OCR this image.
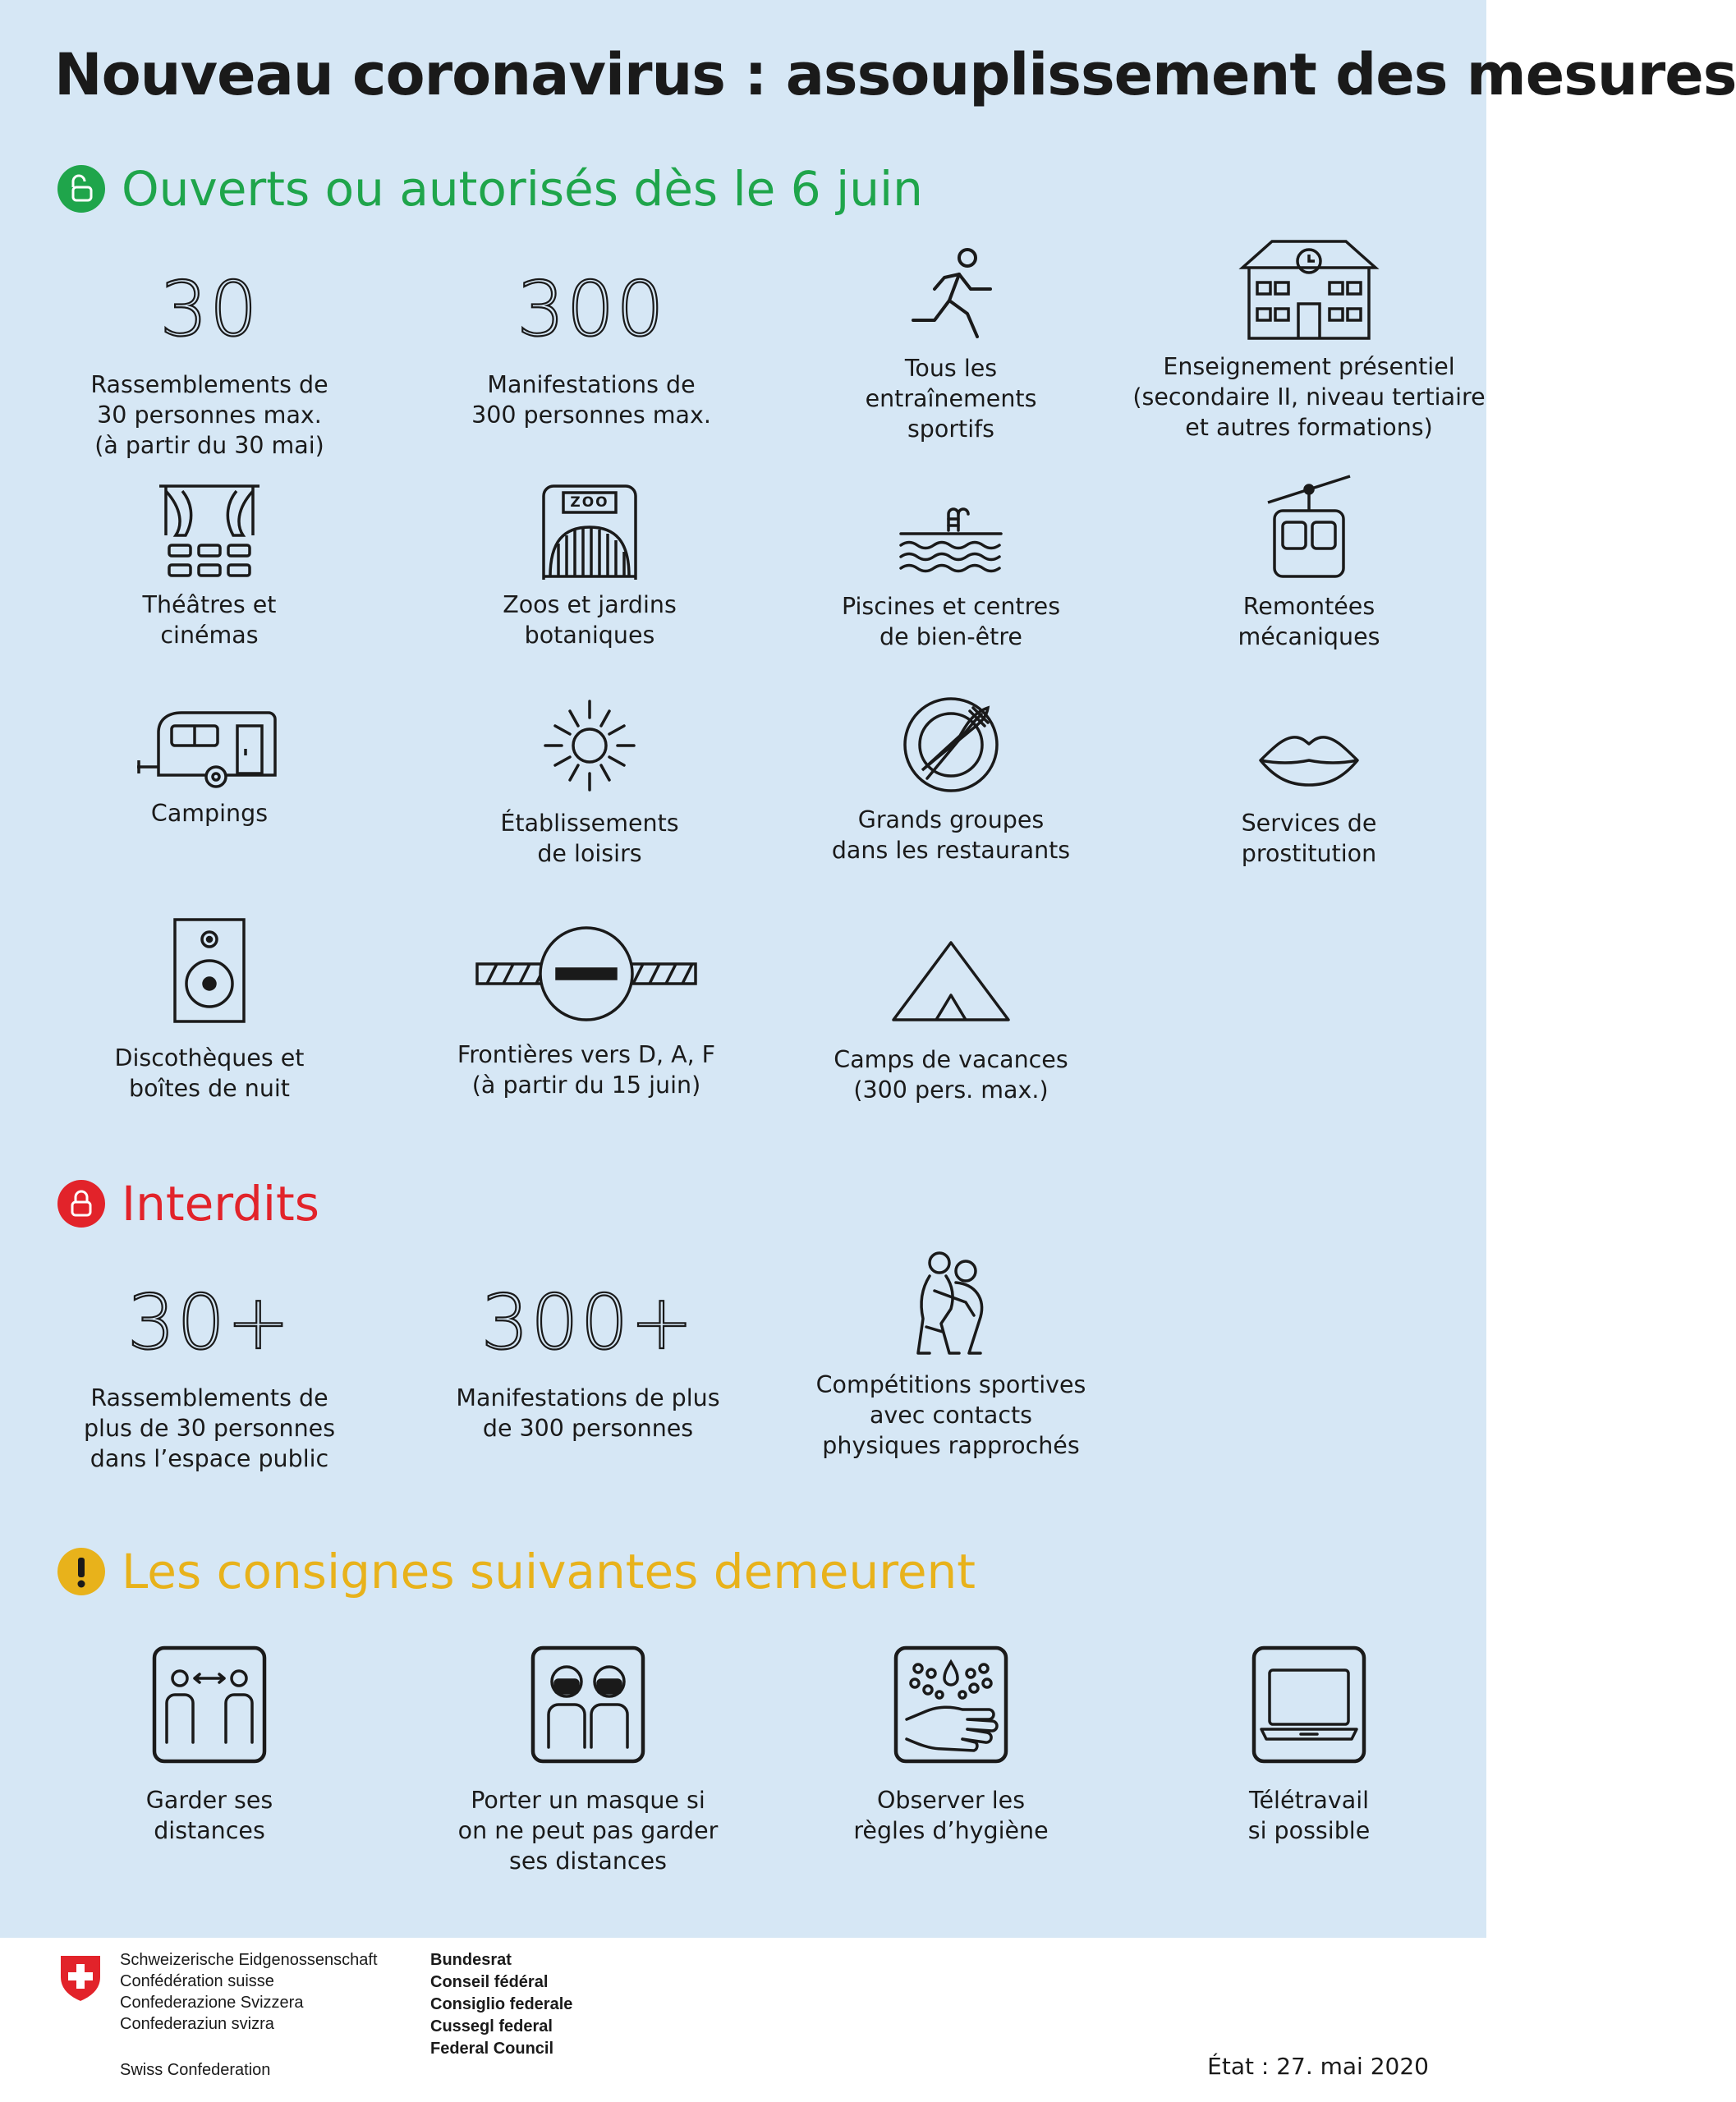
Nouveau coronavirus : assouplissement des mesures
Ouverts ou autorisés dès le 6 juin
30
Rassemblements de
30 personnes max.
(à partir du 30 mai)
300
Manifestations de
300 personnes max.
Tous les
entraînements
sportifs
Enseignement présentiel
(secondaire II, niveau tertiaire
et autres formations)
Théâtres et
cinémas
ZOO
Zoos et jardins
botaniques
Piscines et centres
de bien-être
Remontées
mécaniques
Campings	Établissements
de loisirs
Grands groupes
dans les restaurants
Services de
prostitution
Discothèques et
boîtes de nuit
Frontières vers D, A, F
(à partir du 15 juin)
Camps de vacances
(300 pers. max.)
Interdits
30+
Rassemblements de
plus de 30 personnes
dans l’espace public
300+
Manifestations de plus
de 300 personnes
Compétitions sportives
avec contacts
physiques rapprochés
Les consignes suivantes demeurent
Garder ses
distances
Porter un masque si
on ne peut pas garder
ses distances
Observer les
règles d’hygiène
Télétravail
si possible
Schweizerische Eidgenossenschaft
Confédération suisse
Confederazione Svizzera
Confederaziun svizra
Swiss Confederation
Bundesrat
Conseil fédéral
Consiglio federale
Cussegl federal
Federal Council
État : 27. mai 2020
